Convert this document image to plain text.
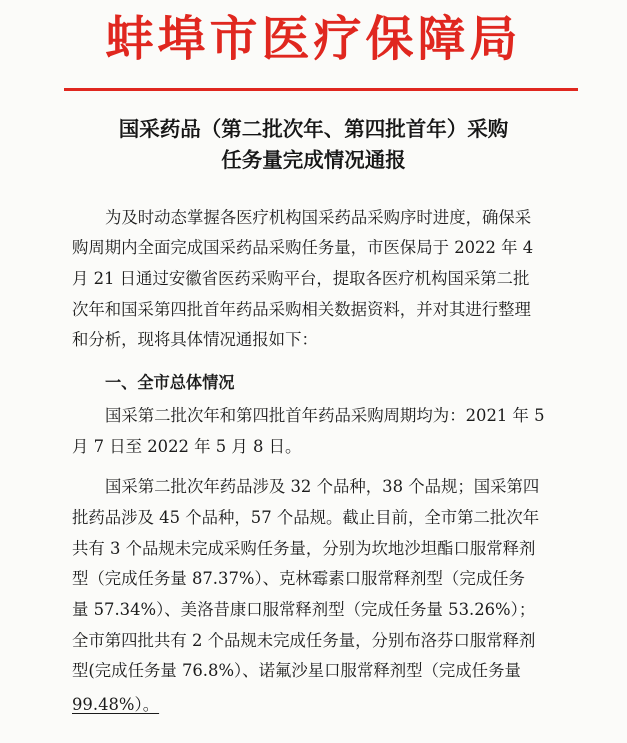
蚌埠市医疗保障局
国采药品（第二批次年、第四批首年）采购
任务量完成情况通报
为及时动态掌握各医疗机构国采药品采购序时进度，确保采
购周期内全面完成国采药品采购任务量，市医保局于 2022 年 4
月 21 日通过安徽省医药采购平台，提取各医疗机构国采第二批
次年和国采第四批首年药品采购相关数据资料，并对其进行整理
和分析，现将具体情况通报如下：
一、全市总体情况
国采第二批次年和第四批首年药品采购周期均为：2021 年 5
月 7 日至 2022 年 5 月 8 日。
国采第二批次年药品涉及 32 个品种，38 个品规；国采第四
批药品涉及 45 个品种，57 个品规。截止目前，全市第二批次年
共有 3 个品规未完成采购任务量，分别为坎地沙坦酯口服常释剂
型（完成任务量 87.37%）、克林霉素口服常释剂型（完成任务
量 57.34%）、美洛昔康口服常释剂型（完成任务量 53.26%）；
全市第四批共有 2 个品规未完成任务量，分别布洛芬口服常释剂
型(完成任务量 76.8%）、诺氟沙星口服常释剂型（完成任务量
99.48%）。
